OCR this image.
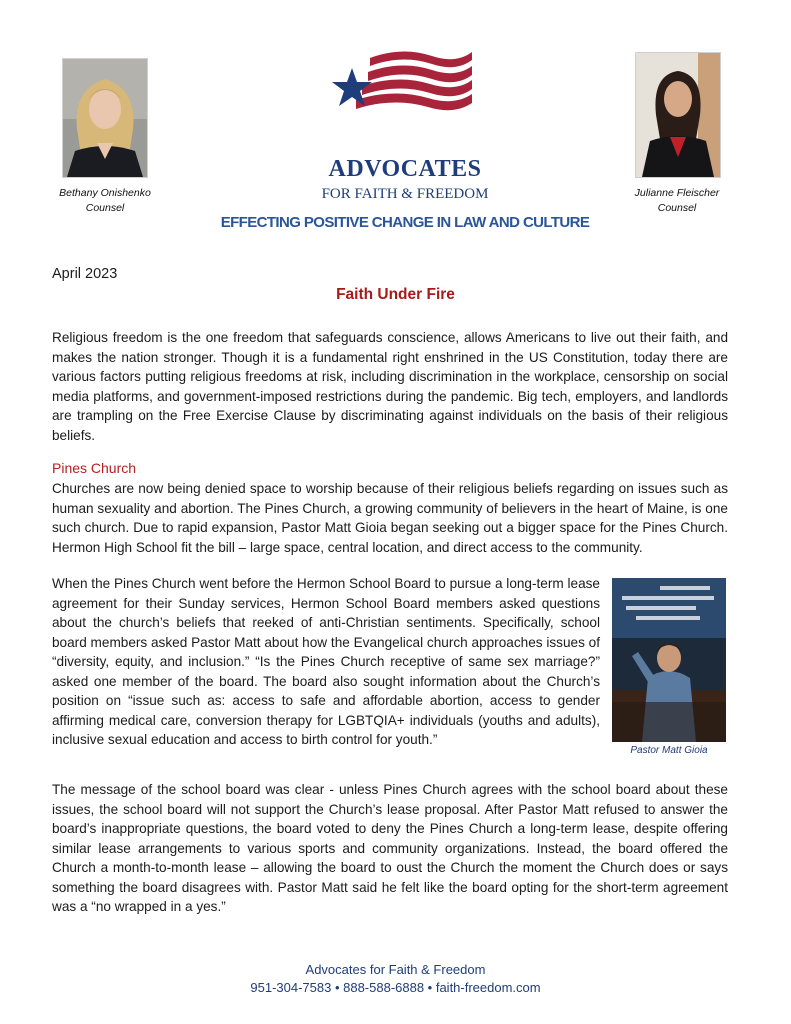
Bethany Onishenko
Counsel
Julianne Fleischer
Counsel
ADVOCATES
FOR FAITH & FREEDOM
EFFECTING POSITIVE CHANGE IN LAW AND CULTURE
April 2023
Faith Under Fire
Religious freedom is the one freedom that safeguards conscience, allows Americans to live out their faith, and makes the nation stronger. Though it is a fundamental right enshrined in the US Constitution, today there are various factors putting religious freedoms at risk, including discrimination in the workplace, censorship on social media platforms, and government-imposed restrictions during the pandemic. Big tech, employers, and landlords are trampling on the Free Exercise Clause by discriminating against individuals on the basis of their religious beliefs.
Pines Church
Churches are now being denied space to worship because of their religious beliefs regarding on issues such as human sexuality and abortion. The Pines Church, a growing community of believers in the heart of Maine, is one such church. Due to rapid expansion, Pastor Matt Gioia began seeking out a bigger space for the Pines Church. Hermon High School fit the bill – large space, central location, and direct access to the community.
When the Pines Church went before the Hermon School Board to pursue a long-term lease agreement for their Sunday services, Hermon School Board members asked questions about the church’s beliefs that reeked of anti-Christian sentiments. Specifically, school board members asked Pastor Matt about how the Evangelical church approaches issues of “diversity, equity, and inclusion.” “Is the Pines Church receptive of same sex marriage?” asked one member of the board. The board also sought information about the Church’s position on “issue such as: access to safe and affordable abortion, access to gender affirming medical care, conversion therapy for LGBTQIA+ individuals (youths and adults), inclusive sexual education and access to birth control for youth.”
Pastor Matt Gioia
The message of the school board was clear - unless Pines Church agrees with the school board about these issues, the school board will not support the Church’s lease proposal. After Pastor Matt refused to answer the board’s inappropriate questions, the board voted to deny the Pines Church a long-term lease, despite offering similar lease arrangements to various sports and community organizations. Instead, the board offered the Church a month-to-month lease – allowing the board to oust the Church the moment the Church does or says something the board disagrees with. Pastor Matt said he felt like the board opting for the short-term agreement was a “no wrapped in a yes.”
Advocates for Faith & Freedom
951-304-7583 • 888-588-6888 • faith-freedom.com
